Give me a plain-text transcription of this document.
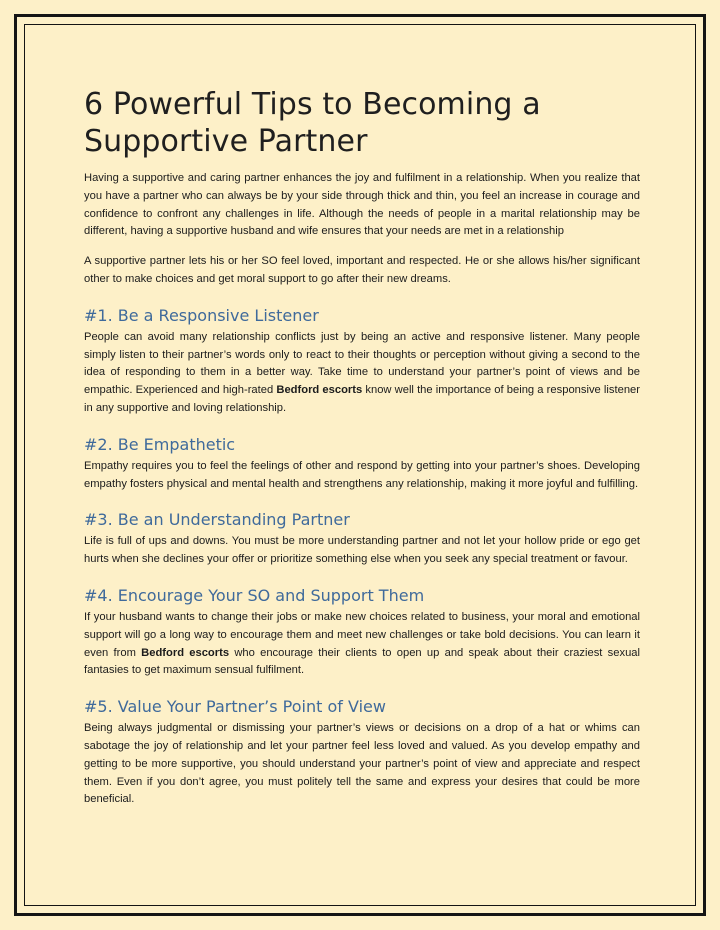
6 Powerful Tips to Becoming a Supportive Partner

Having a supportive and caring partner enhances the joy and fulfilment in a relationship. When you realize that you have a partner who can always be by your side through thick and thin, you feel an increase in courage and confidence to confront any challenges in life. Although the needs of people in a marital relationship may be different, having a supportive husband and wife ensures that your needs are met in a relationship

A supportive partner lets his or her SO feel loved, important and respected. He or she allows his/her significant other to make choices and get moral support to go after their new dreams.

#1. Be a Responsive Listener

People can avoid many relationship conflicts just by being an active and responsive listener. Many people simply listen to their partner’s words only to react to their thoughts or perception without giving a second to the idea of responding to them in a better way. Take time to understand your partner’s point of views and be empathic. Experienced and high-rated Bedford escorts know well the importance of being a responsive listener in any supportive and loving relationship.

#2. Be Empathetic

Empathy requires you to feel the feelings of other and respond by getting into your partner’s shoes. Developing empathy fosters physical and mental health and strengthens any relationship, making it more joyful and fulfilling.

#3. Be an Understanding Partner

Life is full of ups and downs. You must be more understanding partner and not let your hollow pride or ego get hurts when she declines your offer or prioritize something else when you seek any special treatment or favour.

#4. Encourage Your SO and Support Them

If your husband wants to change their jobs or make new choices related to business, your moral and emotional support will go a long way to encourage them and meet new challenges or take bold decisions. You can learn it even from Bedford escorts who encourage their clients to open up and speak about their craziest sexual fantasies to get maximum sensual fulfilment.

#5. Value Your Partner’s Point of View

Being always judgmental or dismissing your partner’s views or decisions on a drop of a hat or whims can sabotage the joy of relationship and let your partner feel less loved and valued. As you develop empathy and getting to be more supportive, you should understand your partner’s point of view and appreciate and respect them. Even if you don’t agree, you must politely tell the same and express your desires that could be more beneficial.
